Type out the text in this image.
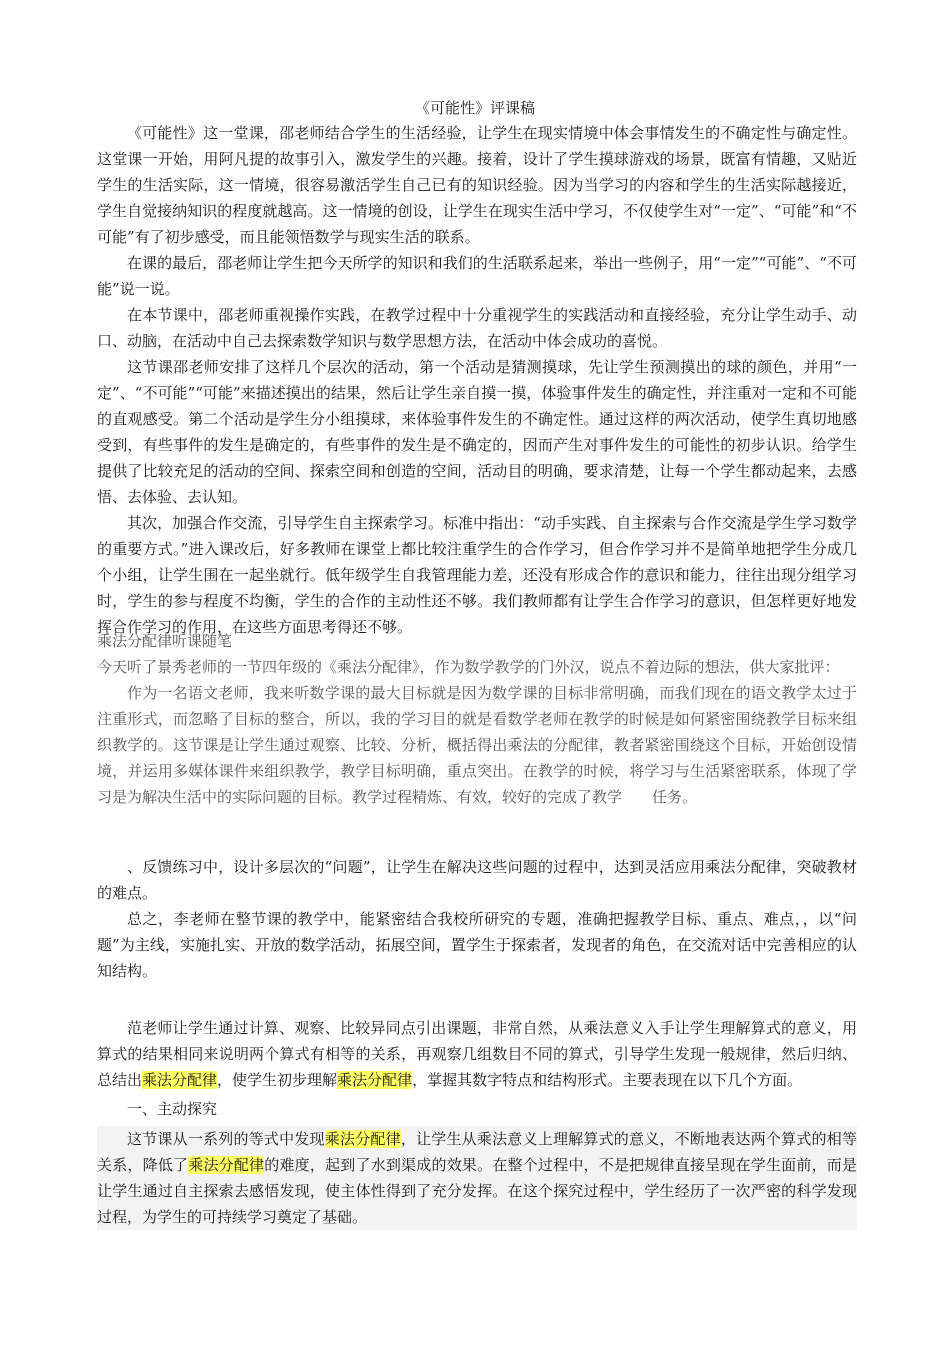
《可能性》评课稿

《可能性》这一堂课，邵老师结合学生的生活经验，让学生在现实情境中体会事情发生的不确定性与确定性。这堂课一开始，用阿凡提的故事引入，激发学生的兴趣。接着，设计了学生摸球游戏的场景，既富有情趣，又贴近学生的生活实际，这一情境，很容易激活学生自己已有的知识经验。因为当学习的内容和学生的生活实际越接近，学生自觉接纳知识的程度就越高。这一情境的创设，让学生在现实生活中学习，不仅使学生对“一定”、“可能”和“不可能”有了初步感受，而且能领悟数学与现实生活的联系。

在课的最后，邵老师让学生把今天所学的知识和我们的生活联系起来，举出一些例子，用“一定”“可能”、“不可能”说一说。

在本节课中，邵老师重视操作实践，在教学过程中十分重视学生的实践活动和直接经验，充分让学生动手、动口、动脑，在活动中自己去探索数学知识与数学思想方法，在活动中体会成功的喜悦。

这节课邵老师安排了这样几个层次的活动，第一个活动是猜测摸球，先让学生预测摸出的球的颜色，并用“一定”、“不可能”“可能”来描述摸出的结果，然后让学生亲自摸一摸，体验事件发生的确定性，并注重对一定和不可能的直观感受。第二个活动是学生分小组摸球，来体验事件发生的不确定性。通过这样的两次活动，使学生真切地感受到，有些事件的发生是确定的，有些事件的发生是不确定的，因而产生对事件发生的可能性的初步认识。给学生提供了比较充足的活动的空间、探索空间和创造的空间，活动目的明确，要求清楚，让每一个学生都动起来，去感悟、去体验、去认知。

其次，加强合作交流，引导学生自主探索学习。标准中指出：“动手实践、自主探索与合作交流是学生学习数学的重要方式。”进入课改后，好多教师在课堂上都比较注重学生的合作学习，但合作学习并不是简单地把学生分成几个小组，让学生围在一起坐就行。低年级学生自我管理能力差，还没有形成合作的意识和能力，往往出现分组学习时，学生的参与程度不均衡，学生的合作的主动性还不够。我们教师都有让学生合作学习的意识，但怎样更好地发挥合作学习的作用，在这些方面思考得还不够。

乘法分配律听课随笔

今天听了景秀老师的一节四年级的《乘法分配律》，作为数学教学的门外汉，说点不着边际的想法，供大家批评：

作为一名语文老师，我来听数学课的最大目标就是因为数学课的目标非常明确，而我们现在的语文教学太过于注重形式，而忽略了目标的整合，所以，我的学习目的就是看数学老师在教学的时候是如何紧密围绕教学目标来组织教学的。这节课是让学生通过观察、比较、分析，概括得出乘法的分配律，教者紧密围绕这个目标，开始创设情境，并运用多媒体课件来组织教学，教学目标明确，重点突出。在教学的时候，将学习与生活紧密联系，体现了学习是为解决生活中的实际问题的目标。教学过程精炼、有效，较好的完成了教学　　任务。

、反馈练习中，设计多层次的“问题”，让学生在解决这些问题的过程中，达到灵活应用乘法分配律，突破教材的难点。

总之，李老师在整节课的教学中，能紧密结合我校所研究的专题，准确把握教学目标、重点、难点，，以“问题”为主线，实施扎实、开放的数学活动，拓展空间，置学生于探索者，发现者的角色，在交流对话中完善相应的认知结构。

范老师让学生通过计算、观察、比较异同点引出课题，非常自然，从乘法意义入手让学生理解算式的意义，用算式的结果相同来说明两个算式有相等的关系，再观察几组数目不同的算式，引导学生发现一般规律，然后归纳、总结出乘法分配律，使学生初步理解乘法分配律，掌握其数字特点和结构形式。主要表现在以下几个方面。

一、主动探究

这节课从一系列的等式中发现乘法分配律，让学生从乘法意义上理解算式的意义，不断地表达两个算式的相等关系，降低了乘法分配律的难度，起到了水到渠成的效果。在整个过程中，不是把规律直接呈现在学生面前，而是让学生通过自主探索去感悟发现，使主体性得到了充分发挥。在这个探究过程中，学生经历了一次严密的科学发现过程，为学生的可持续学习奠定了基础。
